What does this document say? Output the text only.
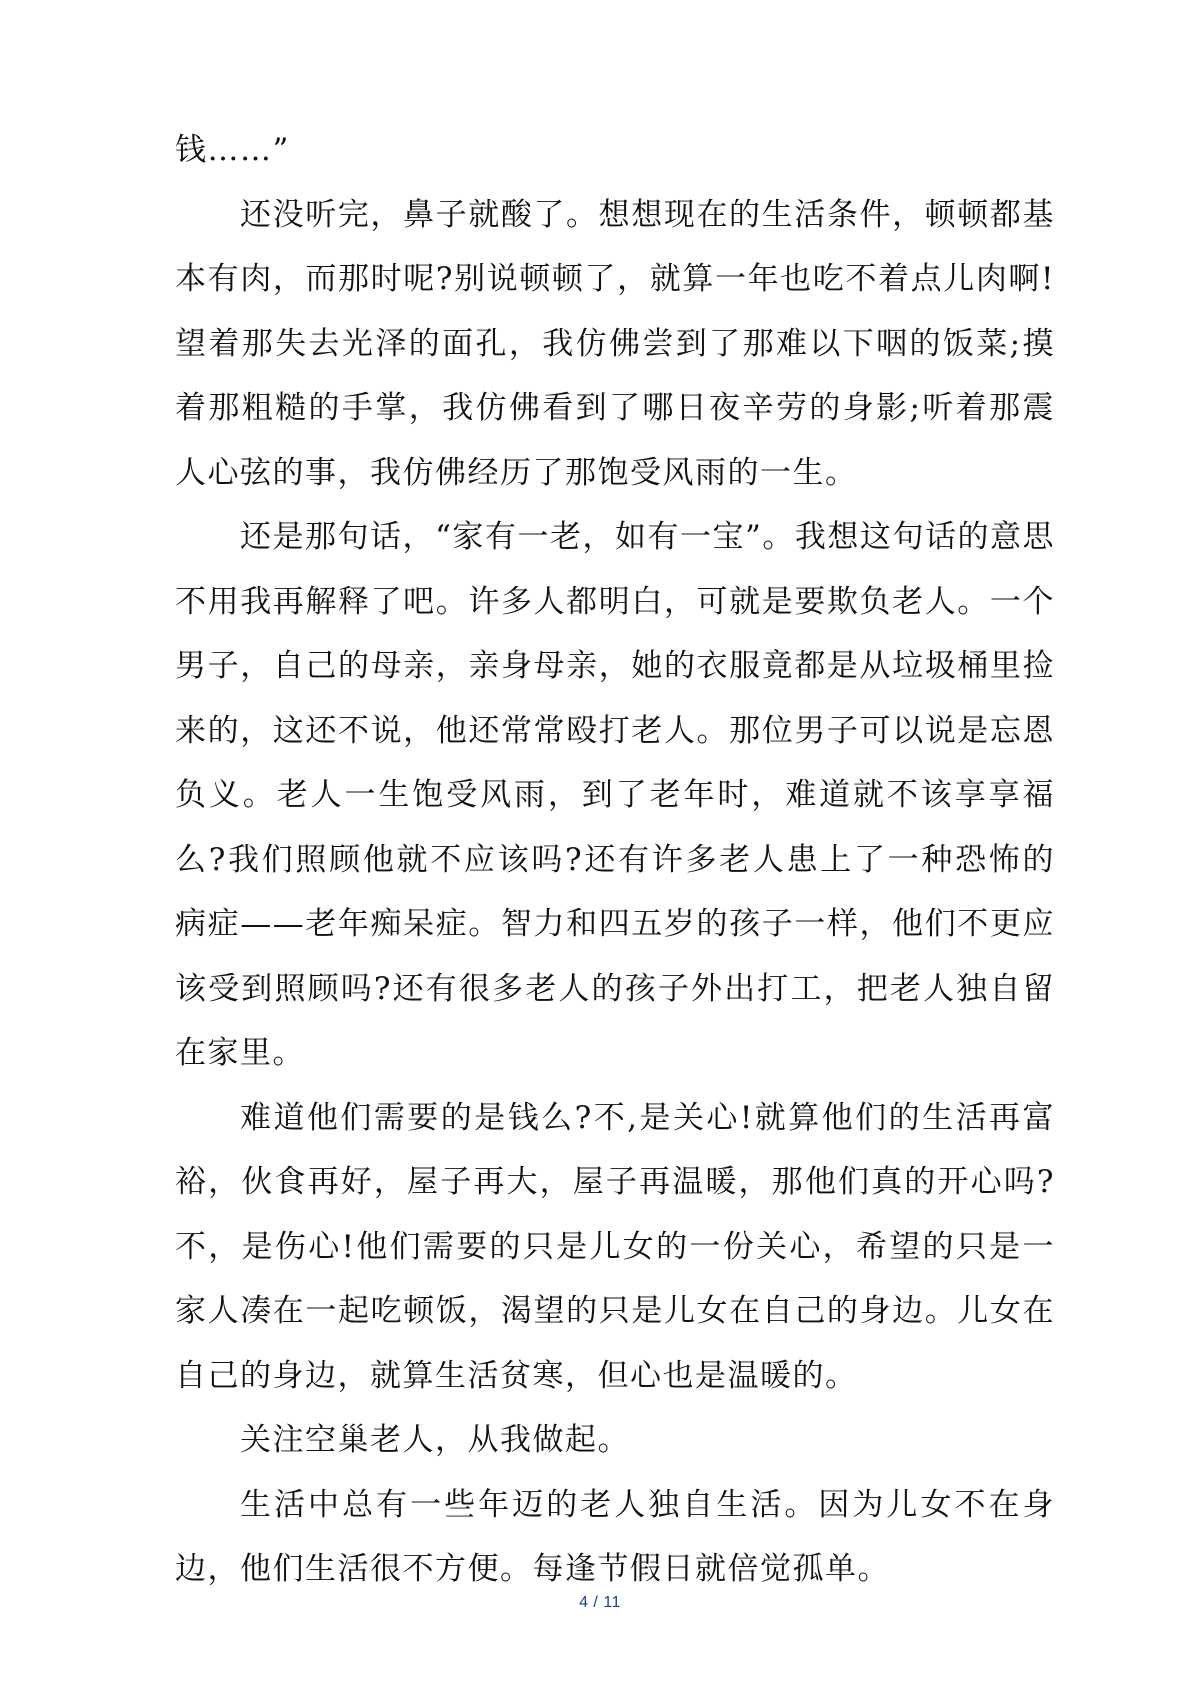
钱……”

还没听完，鼻子就酸了。想想现在的生活条件，顿顿都基本有肉，而那时呢?别说顿顿了，就算一年也吃不着点儿肉啊!望着那失去光泽的面孔，我仿佛尝到了那难以下咽的饭菜;摸着那粗糙的手掌，我仿佛看到了哪日夜辛劳的身影;听着那震人心弦的事，我仿佛经历了那饱受风雨的一生。

还是那句话，“家有一老，如有一宝”。我想这句话的意思不用我再解释了吧。许多人都明白，可就是要欺负老人。一个男子，自己的母亲，亲身母亲，她的衣服竟都是从垃圾桶里捡来的，这还不说，他还常常殴打老人。那位男子可以说是忘恩负义。老人一生饱受风雨，到了老年时，难道就不该享享福么?我们照顾他就不应该吗?还有许多老人患上了一种恐怖的病症——老年痴呆症。智力和四五岁的孩子一样，他们不更应该受到照顾吗?还有很多老人的孩子外出打工，把老人独自留在家里。

难道他们需要的是钱么?不,是关心!就算他们的生活再富裕，伙食再好，屋子再大，屋子再温暖，那他们真的开心吗?不，是伤心!他们需要的只是儿女的一份关心，希望的只是一家人凑在一起吃顿饭，渴望的只是儿女在自己的身边。儿女在自己的身边，就算生活贫寒，但心也是温暖的。

关注空巢老人，从我做起。

生活中总有一些年迈的老人独自生活。因为儿女不在身边，他们生活很不方便。每逢节假日就倍觉孤单。

4 / 11
